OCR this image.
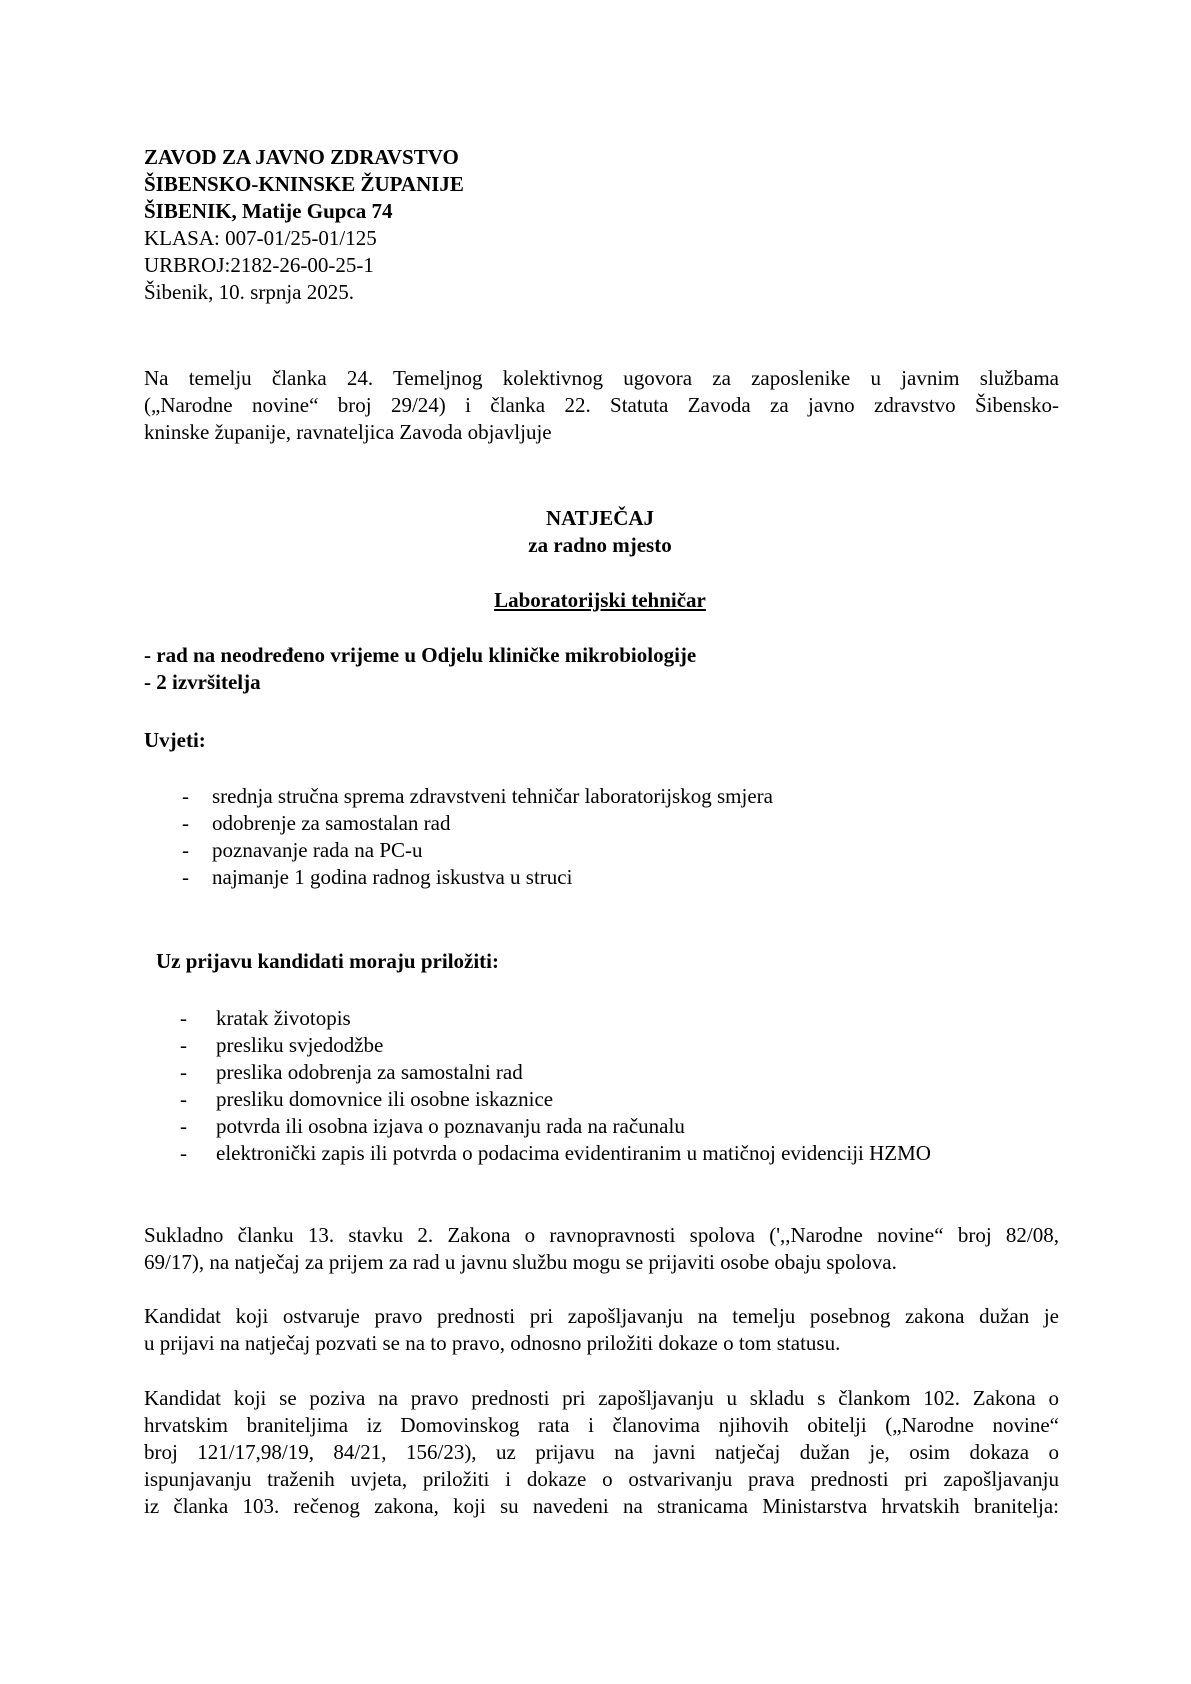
ZAVOD ZA JAVNO ZDRAVSTVO
ŠIBENSKO-KNINSKE ŽUPANIJE
ŠIBENIK, Matije Gupca 74
KLASA: 007-01/25-01/125
URBROJ:2182-26-00-25-1
Šibenik, 10. srpnja 2025.
Na temelju članka 24. Temeljnog kolektivnog ugovora za zaposlenike u javnim službama
(„Narodne novine“ broj 29/24) i članka 22. Statuta Zavoda za javno zdravstvo Šibensko-
kninske županije, ravnateljica Zavoda objavljuje
NATJEČAJ
za radno mjesto
Laboratorijski tehničar
- rad na neodređeno vrijeme u Odjelu kliničke mikrobiologije
- 2 izvršitelja
Uvjeti:
-	srednja stručna sprema zdravstveni tehničar laboratorijskog smjera
-	odobrenje za samostalan rad
-	poznavanje rada na PC-u
-	najmanje 1 godina radnog iskustva u struci
Uz prijavu kandidati moraju priložiti:
-	kratak životopis
-	presliku svjedodžbe
-	preslika odobrenja za samostalni rad
-	presliku domovnice ili osobne iskaznice
-	potvrda ili osobna izjava o poznavanju rada na računalu
-	elektronički zapis ili potvrda o podacima evidentiranim u matičnoj evidenciji HZMO
Sukladno članku 13. stavku 2. Zakona o ravnopravnosti spolova (',,Narodne novine“ broj 82/08,
69/17), na natječaj za prijem za rad u javnu službu mogu se prijaviti osobe obaju spolova.
Kandidat koji ostvaruje pravo prednosti pri zapošljavanju na temelju posebnog zakona dužan je
u prijavi na natječaj pozvati se na to pravo, odnosno priložiti dokaze o tom statusu.
Kandidat koji se poziva na pravo prednosti pri zapošljavanju u skladu s člankom 102. Zakona o
hrvatskim braniteljima iz Domovinskog rata i članovima njihovih obitelji („Narodne novine“
broj 121/17,98/19, 84/21, 156/23), uz prijavu na javni natječaj dužan je, osim dokaza o
ispunjavanju traženih uvjeta, priložiti i dokaze o ostvarivanju prava prednosti pri zapošljavanju
iz članka 103. rečenog zakona, koji su navedeni na stranicama Ministarstva hrvatskih branitelja:
